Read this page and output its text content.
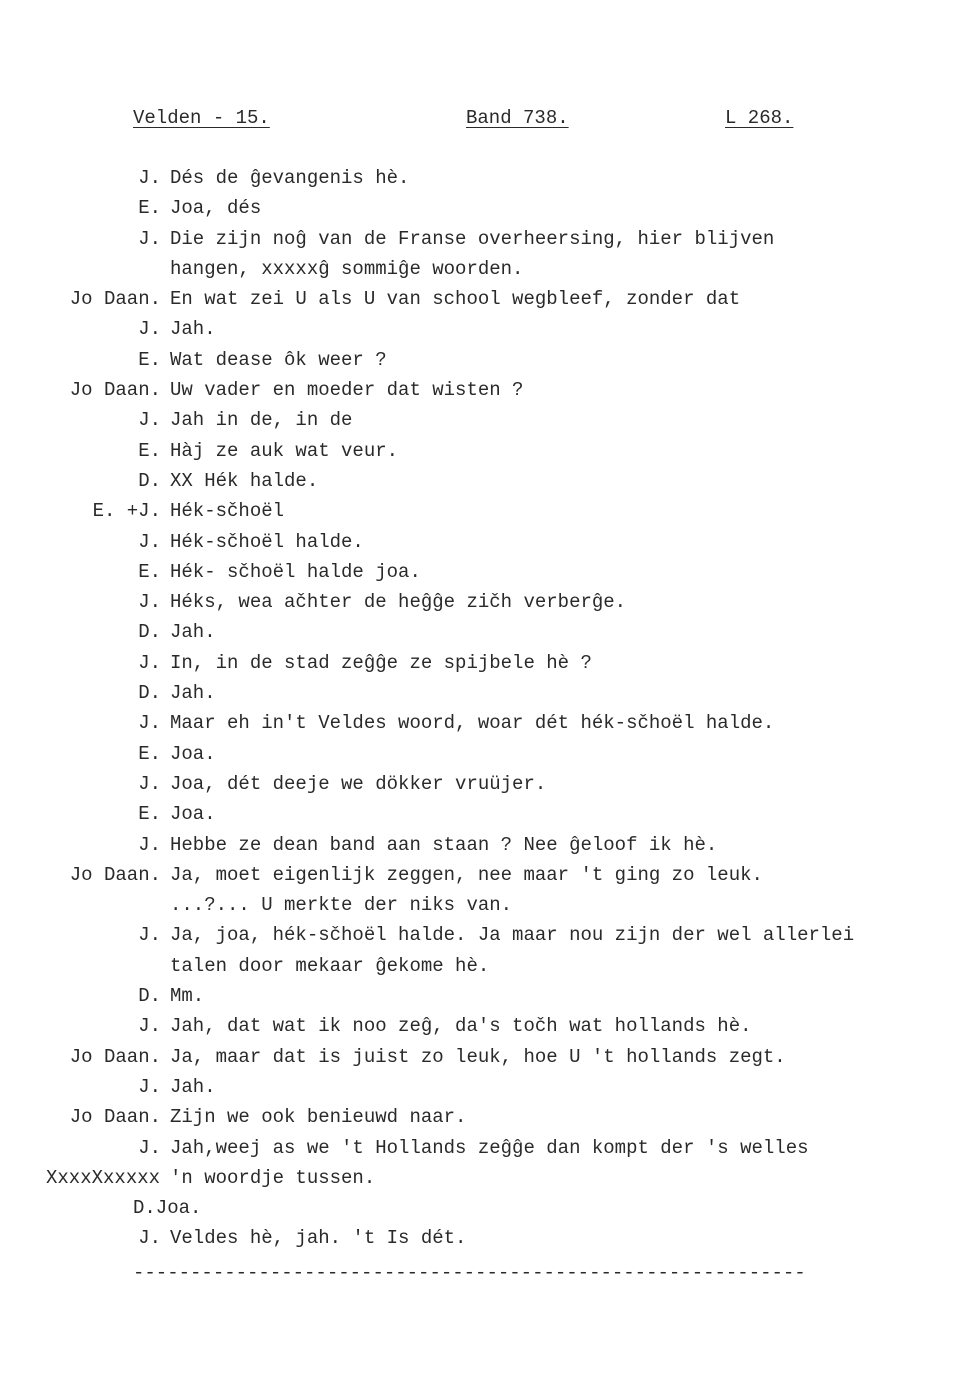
Velden - 15.	Band 738.	L 268.
J. Dés de ĝevangenis hè.
E. Joa, dés
J. Die zijn noĝ van de Franse overheersing, hier blijven
hangen, xxxxxĝ sommiĝe woorden.
Jo Daan. En wat zei U als U van school wegbleef, zonder dat
J. Jah.
E. Wat dease ôk weer ?
Jo Daan. Uw vader en moeder dat wisten ?
J. Jah in de, in de
E. Hàj ze auk wat veur.
D. XX Hék halde.
E. +J. Hék-sčhoël
J. Hék-sčhoël halde.
E. Hék- sčhoël halde joa.
J. Héks, wea ačhter de heĝĝe zičh verberĝe.
D. Jah.
J. In, in de stad zeĝĝe ze spijbele hè ?
D. Jah.
J. Maar eh in't Veldes woord, woar dét hék-sčhoël halde.
E. Joa.
J. Joa, dét deeje we dökker vruüjer.
E. Joa.
J. Hebbe ze dean band aan staan ? Nee ĝeloof ik hè.
Jo Daan. Ja, moet eigenlijk zeggen, nee maar 't ging zo leuk.
...?... U merkte der niks van.
J. Ja, joa, hék-sčhoël halde. Ja maar nou zijn der wel allerlei
talen door mekaar ĝekome hè.
D. Mm.
J. Jah, dat wat ik noo zeĝ, da's točh wat hollands hè.
Jo Daan. Ja, maar dat is juist zo leuk, hoe U 't hollands zegt.
J. Jah.
Jo Daan. Zijn we ook benieuwd naar.
J. Jah,weej as we 't Hollands zeĝĝe dan kompt der 's welles
XxxxXxxxxx 'n woordje tussen.
D.Joa.
J. Veldes hè, jah. 't Is dét.
-----------------------------------------------------------
